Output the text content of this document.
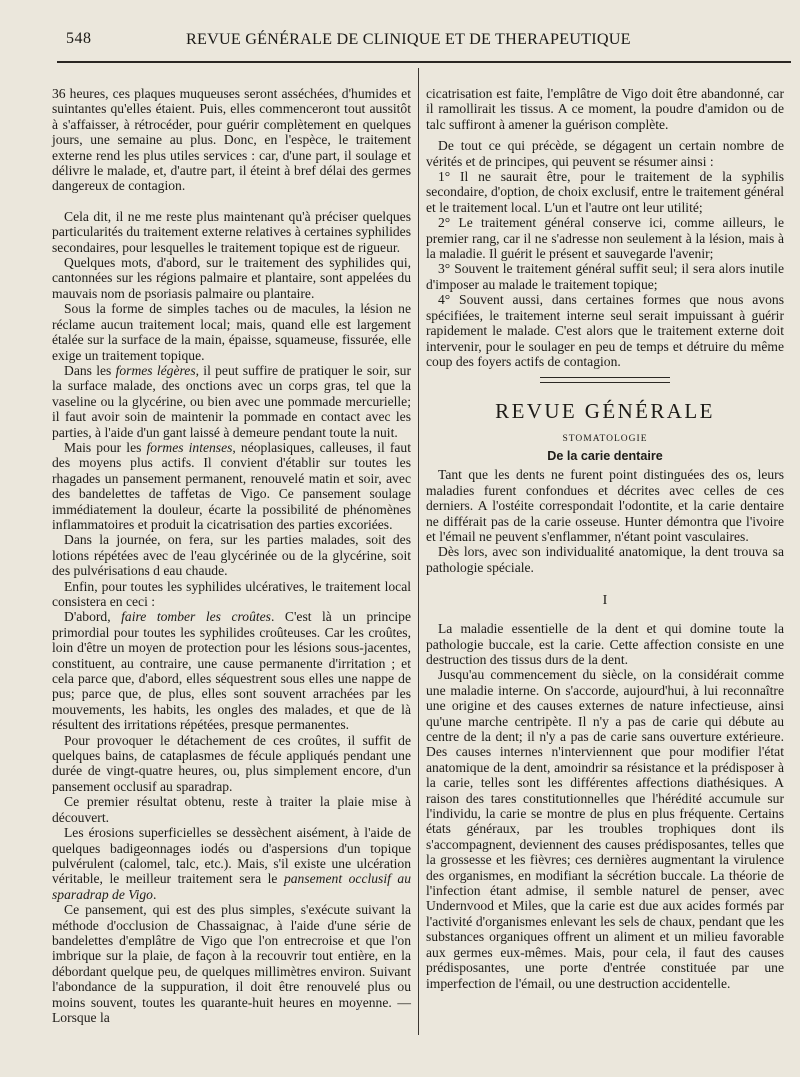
548	REVUE GÉNÉRALE DE CLINIQUE ET DE THERAPEUTIQUE

36 heures, ces plaques muqueuses seront asséchées, d'humides et suintantes qu'elles étaient. Puis, elles commenceront tout aussitôt à s'affaisser, à rétrocéder, pour guérir complètement en quelques jours, une semaine au plus. Donc, en l'espèce, le traitement externe rend les plus utiles services : car, d'une part, il soulage et délivre le malade, et, d'autre part, il éteint à bref délai des germes dangereux de contagion.

Cela dit, il ne me reste plus maintenant qu'à préciser quelques particularités du traitement externe relatives à certaines syphilides secondaires, pour lesquelles le traitement topique est de rigueur.

Quelques mots, d'abord, sur le traitement des syphilides qui, cantonnées sur les régions palmaire et plantaire, sont appelées du mauvais nom de psoriasis palmaire ou plantaire.

Sous la forme de simples taches ou de macules, la lésion ne réclame aucun traitement local; mais, quand elle est largement étalée sur la surface de la main, épaisse, squameuse, fissurée, elle exige un traitement topique.

Dans les formes légères, il peut suffire de pratiquer le soir, sur la surface malade, des onctions avec un corps gras, tel que la vaseline ou la glycérine, ou bien avec une pommade mercurielle; il faut avoir soin de maintenir la pommade en contact avec les parties, à l'aide d'un gant laissé à demeure pendant toute la nuit.

Mais pour les formes intenses, néoplasiques, calleuses, il faut des moyens plus actifs. Il convient d'établir sur toutes les rhagades un pansement permanent, renouvelé matin et soir, avec des bandelettes de taffetas de Vigo. Ce pansement soulage immédiatement la douleur, écarte la possibilité de phénomènes inflammatoires et produit la cicatrisation des parties excoriées.

Dans la journée, on fera, sur les parties malades, soit des lotions répétées avec de l'eau glycérinée ou de la glycérine, soit des pulvérisations d eau chaude.

Enfin, pour toutes les syphilides ulcératives, le traitement local consistera en ceci :

D'abord, faire tomber les croûtes. C'est là un principe primordial pour toutes les syphilides croûteuses. Car les croûtes, loin d'être un moyen de protection pour les lésions sous-jacentes, constituent, au contraire, une cause permanente d'irritation ; et cela parce que, d'abord, elles séquestrent sous elles une nappe de pus; parce que, de plus, elles sont souvent arrachées par les mouvements, les habits, les ongles des malades, et que de là résultent des irritations répétées, presque permanentes.

Pour provoquer le détachement de ces croûtes, il suffit de quelques bains, de cataplasmes de fécule appliqués pendant une durée de vingt-quatre heures, ou, plus simplement encore, d'un pansement occlusif au sparadrap.

Ce premier résultat obtenu, reste à traiter la plaie mise à découvert.

Les érosions superficielles se dessèchent aisément, à l'aide de quelques badigeonnages iodés ou d'aspersions d'un topique pulvérulent (calomel, talc, etc.). Mais, s'il existe une ulcération véritable, le meilleur traitement sera le pansement occlusif au sparadrap de Vigo.

Ce pansement, qui est des plus simples, s'exécute suivant la méthode d'occlusion de Chassaignac, à l'aide d'une série de bandelettes d'emplâtre de Vigo que l'on entrecroise et que l'on imbrique sur la plaie, de façon à la recouvrir tout entière, en la débordant quelque peu, de quelques millimètres environ. Suivant l'abondance de la suppuration, il doit être renouvelé plus ou moins souvent, toutes les quarante-huit heures en moyenne. — Lorsque la

cicatrisation est faite, l'emplâtre de Vigo doit être abandonné, car il ramollirait les tissus. A ce moment, la poudre d'amidon ou de talc suffiront à amener la guérison complète.

De tout ce qui précède, se dégagent un certain nombre de vérités et de principes, qui peuvent se résumer ainsi :

1° Il ne saurait être, pour le traitement de la syphilis secondaire, d'option, de choix exclusif, entre le traitement général et le traitement local. L'un et l'autre ont leur utilité;

2° Le traitement général conserve ici, comme ailleurs, le premier rang, car il ne s'adresse non seulement à la lésion, mais à la maladie. Il guérit le présent et sauvegarde l'avenir;

3° Souvent le traitement général suffit seul; il sera alors inutile d'imposer au malade le traitement topique;

4° Souvent aussi, dans certaines formes que nous avons spécifiées, le traitement interne seul serait impuissant à guérir rapidement le malade. C'est alors que le traitement externe doit intervenir, pour le soulager en peu de temps et détruire du même coup des foyers actifs de contagion.

REVUE GÉNÉRALE
STOMATOLOGIE
De la carie dentaire

Tant que les dents ne furent point distinguées des os, leurs maladies furent confondues et décrites avec celles de ces derniers. A l'ostéite correspondait l'odontite, et la carie dentaire ne différait pas de la carie osseuse. Hunter démontra que l'ivoire et l'émail ne peuvent s'enflammer, n'étant point vasculaires.

Dès lors, avec son individualité anatomique, la dent trouva sa pathologie spéciale.

I

La maladie essentielle de la dent et qui domine toute la pathologie buccale, est la carie. Cette affection consiste en une destruction des tissus durs de la dent.

Jusqu'au commencement du siècle, on la considérait comme une maladie interne. On s'accorde, aujourd'hui, à lui reconnaître une origine et des causes externes de nature infectieuse, ainsi qu'une marche centripète. Il n'y a pas de carie qui débute au centre de la dent; il n'y a pas de carie sans ouverture extérieure. Des causes internes n'interviennent que pour modifier l'état anatomique de la dent, amoindrir sa résistance et la prédisposer à la carie, telles sont les différentes affections diathésiques. A raison des tares constitutionnelles que l'hérédité accumule sur l'individu, la carie se montre de plus en plus fréquente. Certains états généraux, par les troubles trophiques dont ils s'accompagnent, deviennent des causes prédisposantes, telles que la grossesse et les fièvres; ces dernières augmentant la virulence des organismes, en modifiant la sécrétion buccale. La théorie de l'infection étant admise, il semble naturel de penser, avec Undernvood et Miles, que la carie est due aux acides formés par l'activité d'organismes enlevant les sels de chaux, pendant que les substances organiques offrent un aliment et un milieu favorable aux germes eux-mêmes. Mais, pour cela, il faut des causes prédisposantes, une porte d'entrée constituée par une imperfection de l'émail, ou une destruction accidentelle.
